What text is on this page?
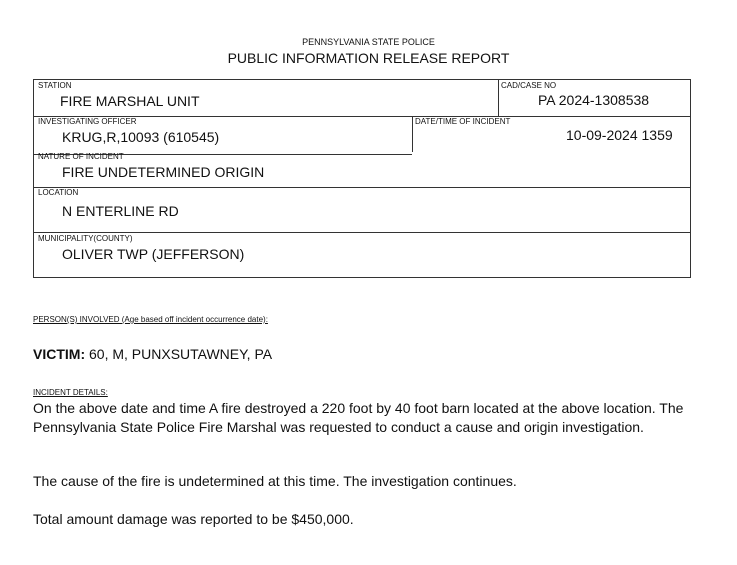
PENNSYLVANIA STATE POLICE
PUBLIC INFORMATION RELEASE REPORT
STATION
FIRE MARSHAL UNIT
CAD/CASE NO
PA 2024-1308538
INVESTIGATING OFFICER
KRUG,R,10093 (610545)
DATE/TIME OF INCIDENT
10-09-2024 1359
NATURE OF INCIDENT
FIRE UNDETERMINED ORIGIN
LOCATION
N ENTERLINE RD
MUNICIPALITY(COUNTY)
OLIVER TWP (JEFFERSON)
PERSON(S) INVOLVED (Age based off incident occurrence date):
VICTIM: 60, M, PUNXSUTAWNEY, PA
INCIDENT DETAILS:
On the above date and time A fire destroyed a 220 foot by 40 foot barn located at the above location. The Pennsylvania State Police Fire Marshal was requested to conduct a cause and origin investigation.
The cause of the fire is undetermined at this time. The investigation continues.
Total amount damage was reported to be $450,000.
